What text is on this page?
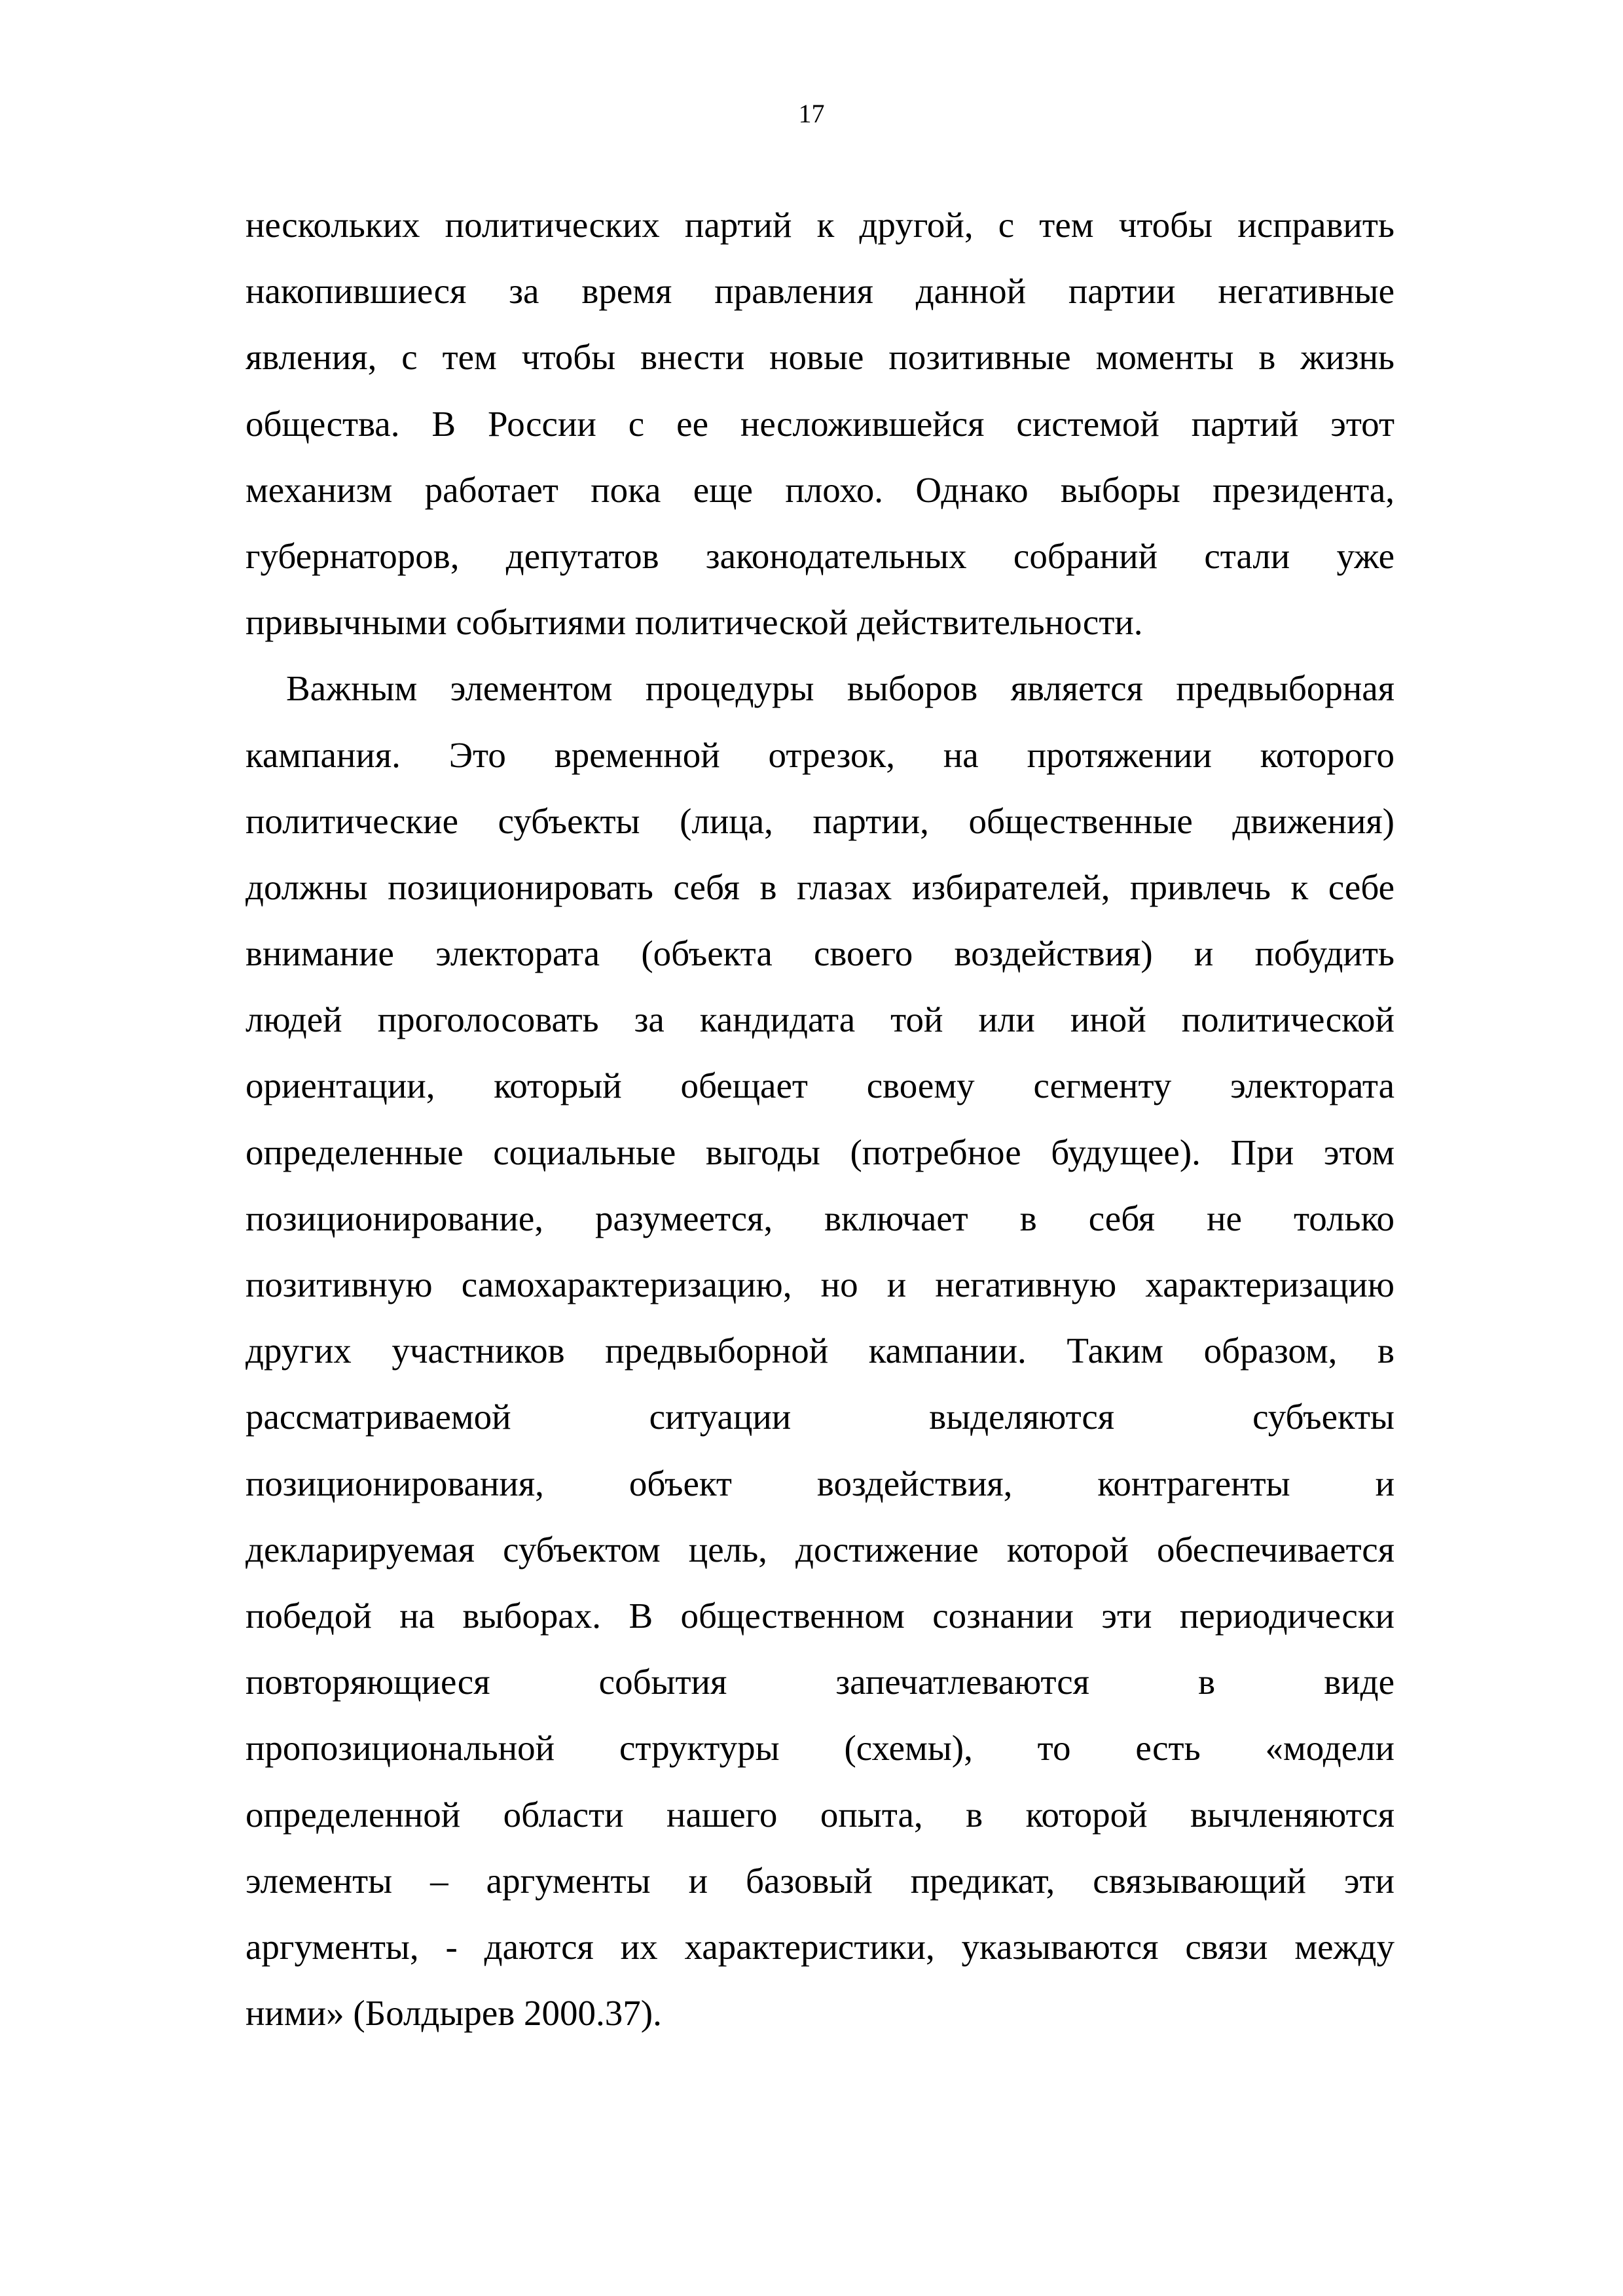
17
нескольких политических партий к другой, с тем чтобы исправить
накопившиеся за время правления данной партии негативные
явления, с тем чтобы внести новые позитивные моменты в жизнь
общества. В России с ее несложившейся системой партий этот
механизм работает пока еще плохо. Однако выборы президента,
губернаторов, депутатов законодательных собраний стали уже
привычными событиями политической действительности.
Важным элементом процедуры выборов является предвыборная
кампания. Это временной отрезок, на протяжении которого
политические субъекты (лица, партии, общественные движения)
должны позиционировать себя в глазах избирателей, привлечь к себе
внимание электората (объекта своего воздействия) и побудить
людей проголосовать за кандидата той или иной политической
ориентации, который обещает своему сегменту электората
определенные социальные выгоды (потребное будущее). При этом
позиционирование, разумеется, включает в себя не только
позитивную самохарактеризацию, но и негативную характеризацию
других участников предвыборной кампании. Таким образом, в
рассматриваемой ситуации выделяются субъекты
позиционирования, объект воздействия, контрагенты и
декларируемая субъектом цель, достижение которой обеспечивается
победой на выборах. В общественном сознании эти периодически
повторяющиеся события запечатлеваются в виде
пропозициональной структуры (схемы), то есть «модели
определенной области нашего опыта, в которой вычленяются
элементы – аргументы и базовый предикат, связывающий эти
аргументы, - даются их характеристики, указываются связи между
ними» (Болдырев 2000.37).
